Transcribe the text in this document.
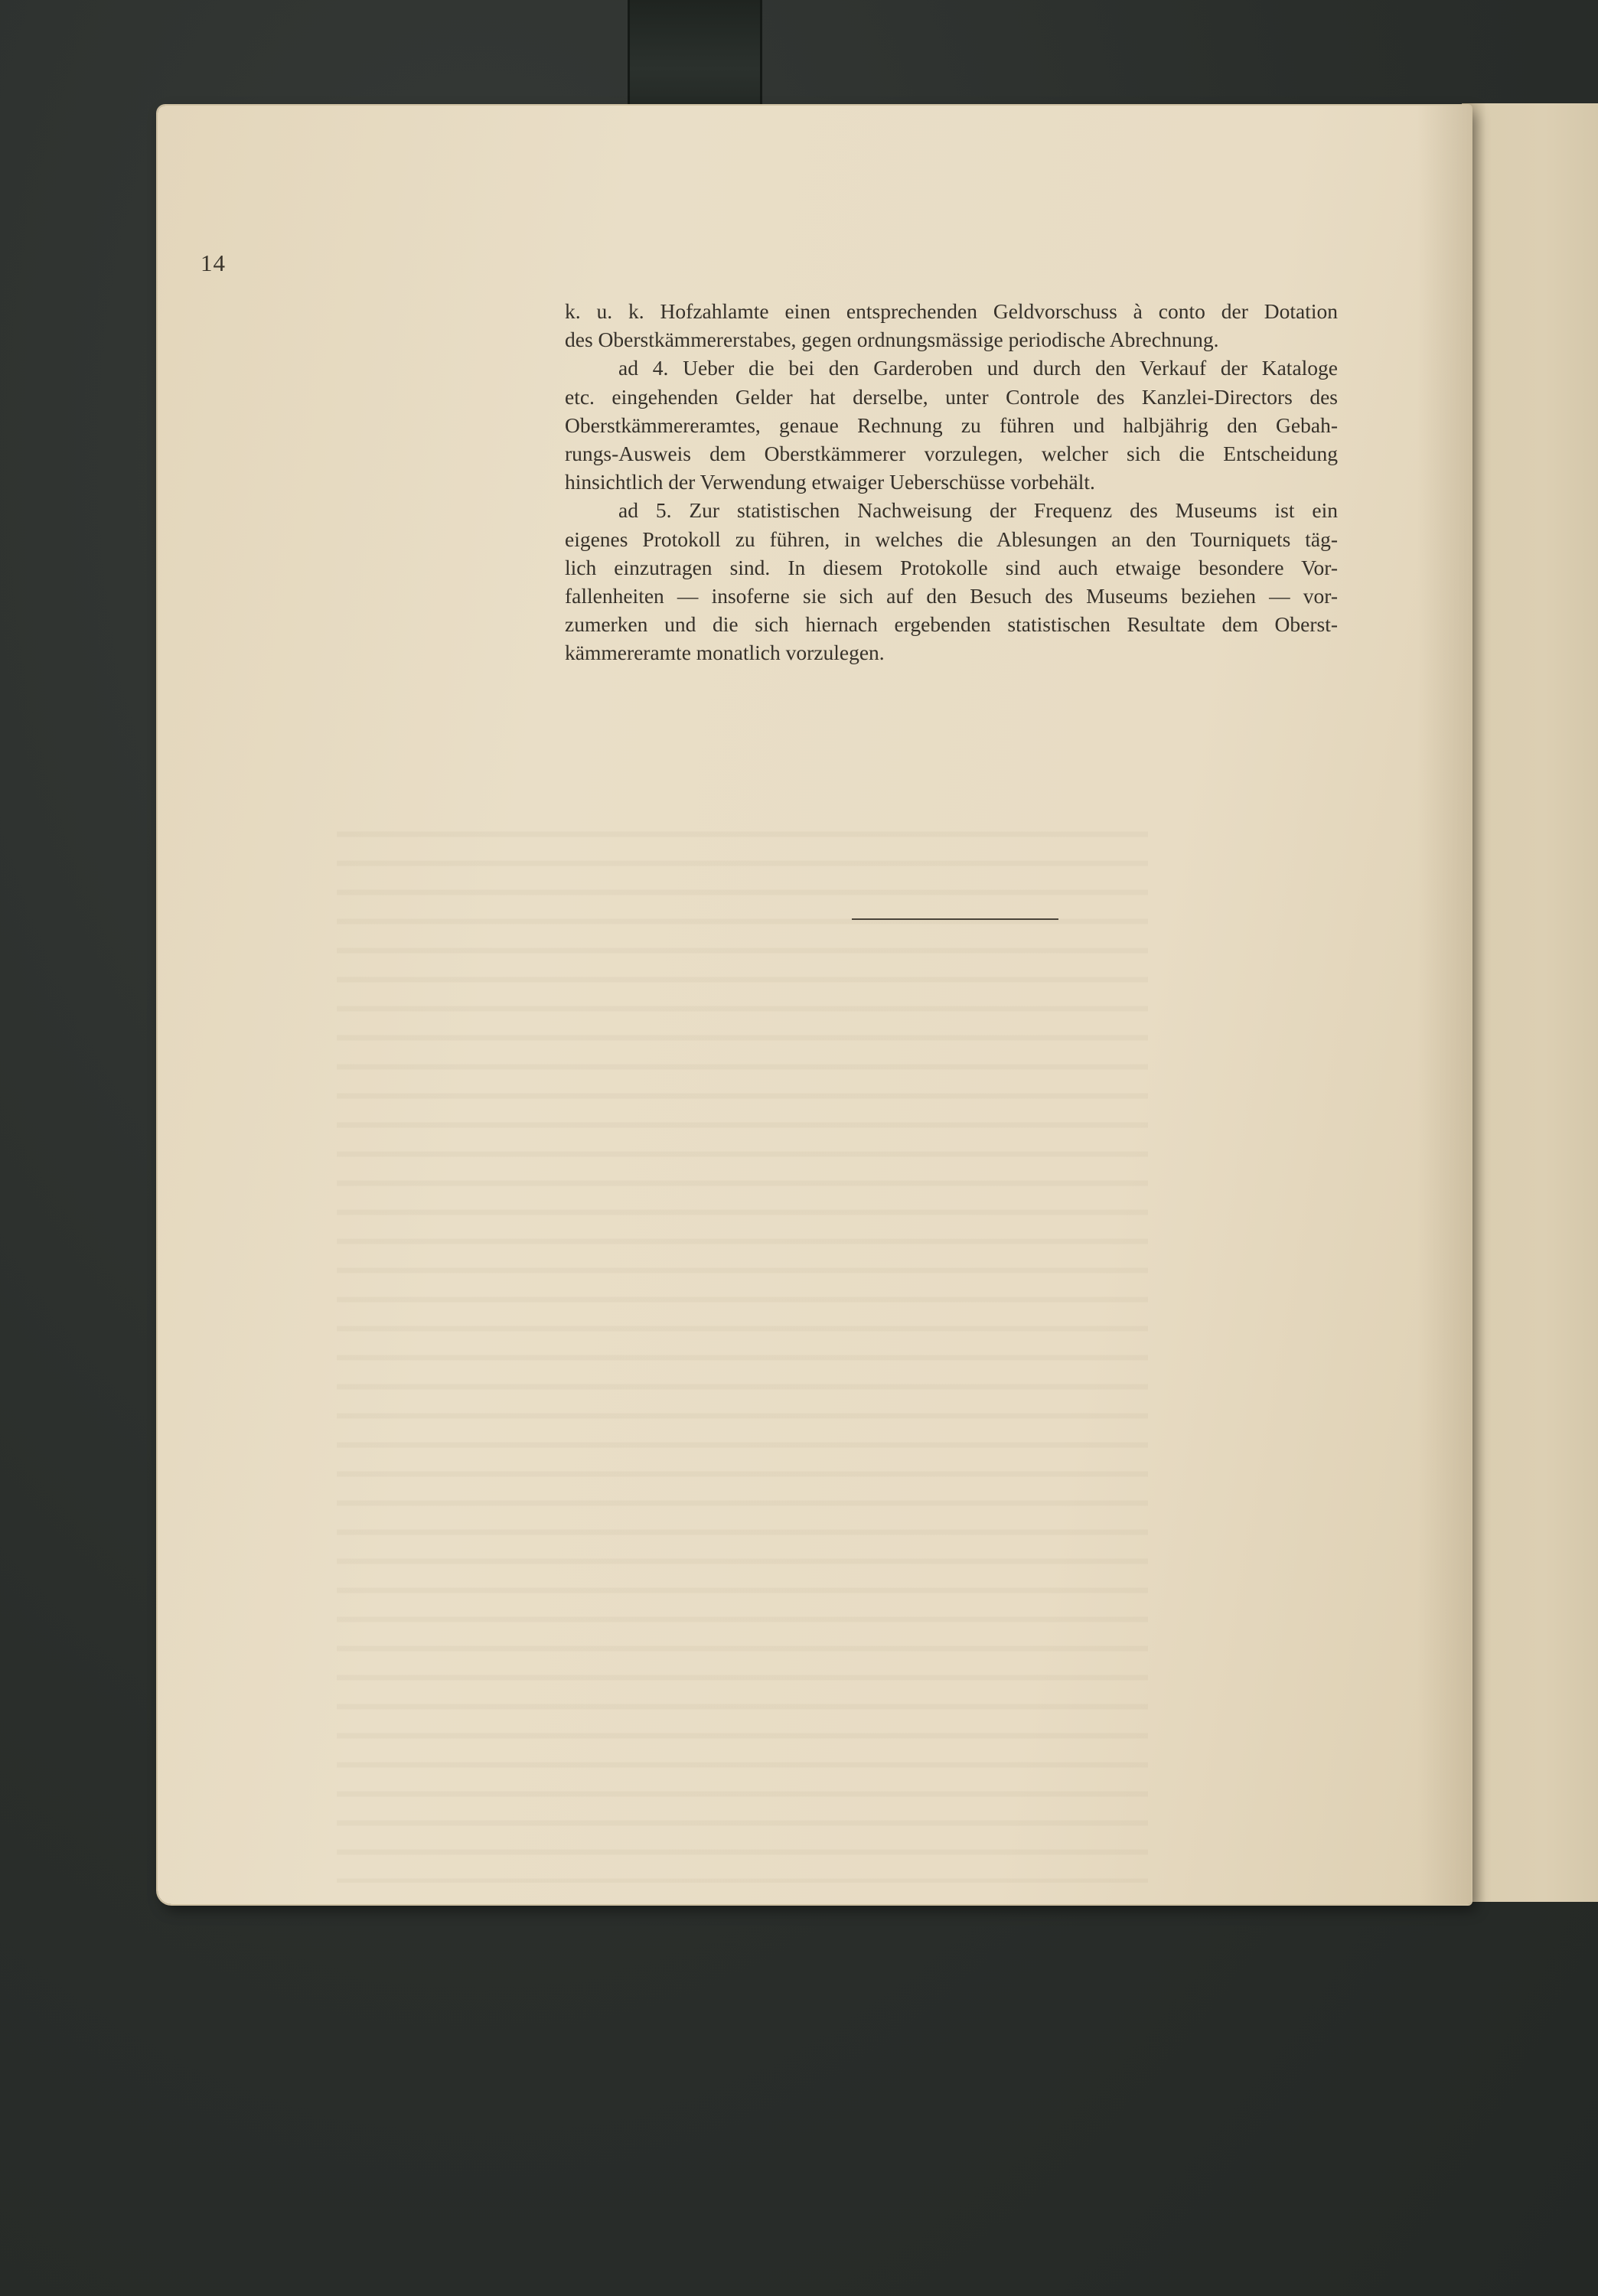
14
k. u. k. Hofzahlamte einen entsprechenden Geldvorschuss à conto der Dotation
des Oberstkämmererstabes, gegen ordnungsmässige periodische Abrechnung.
ad 4. Ueber die bei den Garderoben und durch den Verkauf der Kataloge
etc. eingehenden Gelder hat derselbe, unter Controle des Kanzlei-Directors des
Oberstkämmereramtes, genaue Rechnung zu führen und halbjährig den Gebah-
rungs-Ausweis dem Oberstkämmerer vorzulegen, welcher sich die Entscheidung
hinsichtlich der Verwendung etwaiger Ueberschüsse vorbehält.
ad 5. Zur statistischen Nachweisung der Frequenz des Museums ist ein
eigenes Protokoll zu führen, in welches die Ablesungen an den Tourniquets täg-
lich einzutragen sind. In diesem Protokolle sind auch etwaige besondere Vor-
fallenheiten — insoferne sie sich auf den Besuch des Museums beziehen — vor-
zumerken und die sich hiernach ergebenden statistischen Resultate dem Oberst-
kämmereramte monatlich vorzulegen.
